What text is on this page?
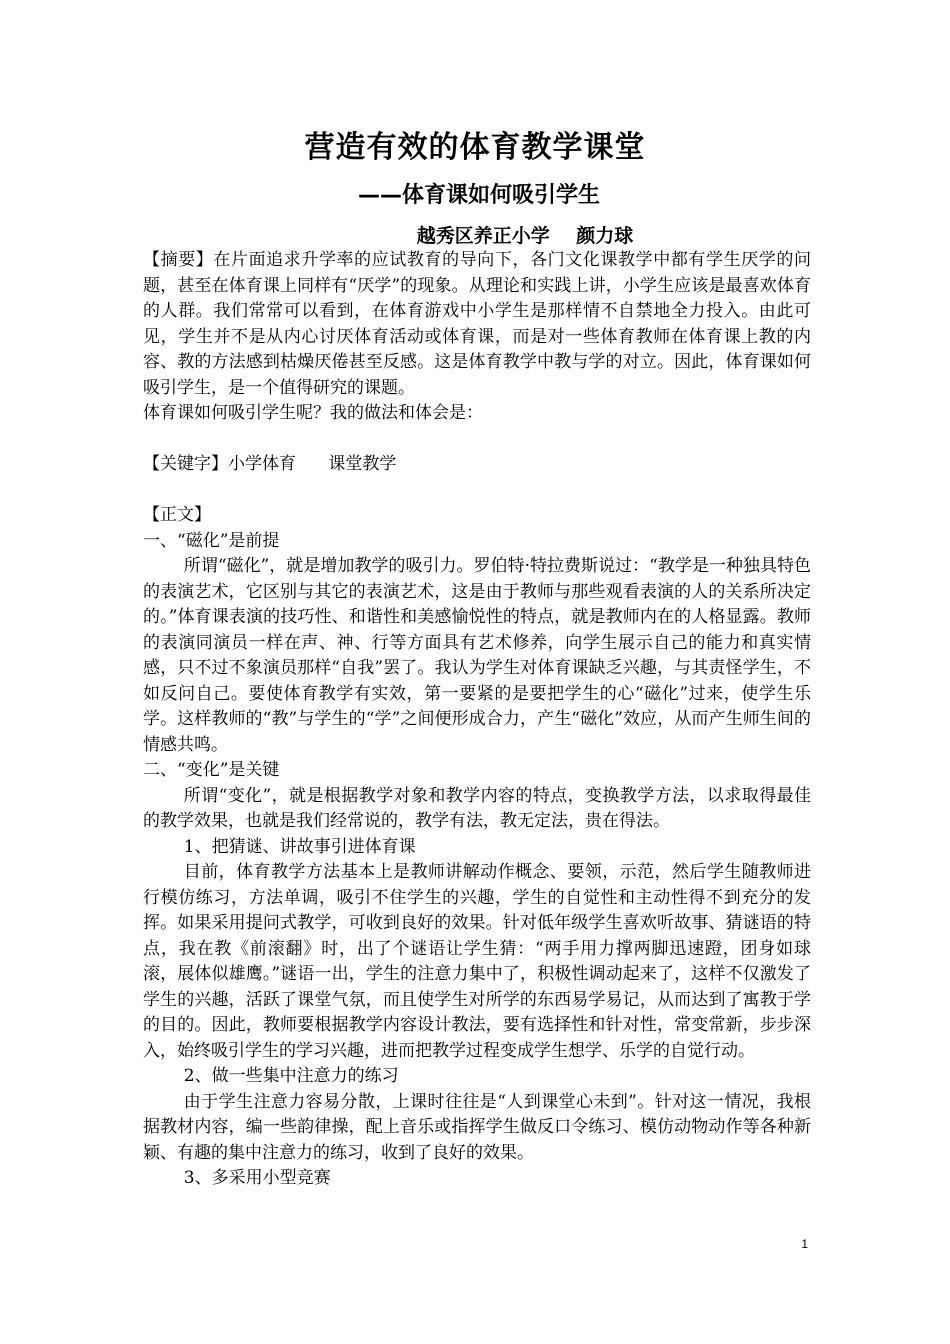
营造有效的体育教学课堂
——体育课如何吸引学生
越秀区养正小学    颜力球

【摘要】在片面追求升学率的应试教育的导向下，各门文化课教学中都有学生厌学的问题，甚至在体育课上同样有“厌学”的现象。从理论和实践上讲，小学生应该是最喜欢体育的人群。我们常常可以看到，在体育游戏中小学生是那样情不自禁地全力投入。由此可见，学生并不是从内心讨厌体育活动或体育课，而是对一些体育教师在体育课上教的内容、教的方法感到枯燥厌倦甚至反感。这是体育教学中教与学的对立。因此，体育课如何吸引学生，是一个值得研究的课题。

体育课如何吸引学生呢？我的做法和体会是：

【关键字】小学体育      课堂教学

【正文】

一、“磁化”是前提

所谓“磁化”，就是增加教学的吸引力。罗伯特·特拉费斯说过：“教学是一种独具特色的表演艺术，它区别与其它的表演艺术，这是由于教师与那些观看表演的人的关系所决定的。”体育课表演的技巧性、和谐性和美感愉悦性的特点，就是教师内在的人格显露。教师的表演同演员一样在声、神、行等方面具有艺术修养，向学生展示自己的能力和真实情感，只不过不象演员那样“自我”罢了。我认为学生对体育课缺乏兴趣，与其责怪学生，不如反问自己。要使体育教学有实效，第一要紧的是要把学生的心“磁化”过来，使学生乐学。这样教师的“教”与学生的“学”之间便形成合力，产生“磁化”效应，从而产生师生间的情感共鸣。

二、“变化”是关键

所谓“变化”，就是根据教学对象和教学内容的特点，变换教学方法，以求取得最佳的教学效果，也就是我们经常说的，教学有法，教无定法，贵在得法。

1、把猜谜、讲故事引进体育课

目前，体育教学方法基本上是教师讲解动作概念、要领，示范，然后学生随教师进行模仿练习，方法单调，吸引不住学生的兴趣，学生的自觉性和主动性得不到充分的发挥。如果采用提问式教学，可收到良好的效果。针对低年级学生喜欢听故事、猜谜语的特点，我在教《前滚翻》时，出了个谜语让学生猜：“两手用力撑两脚迅速蹬，团身如球滚，展体似雄鹰。”谜语一出，学生的注意力集中了，积极性调动起来了，这样不仅激发了学生的兴趣，活跃了课堂气氛，而且使学生对所学的东西易学易记，从而达到了寓教于学的目的。因此，教师要根据教学内容设计教法，要有选择性和针对性，常变常新，步步深入，始终吸引学生的学习兴趣，进而把教学过程变成学生想学、乐学的自觉行动。

2、做一些集中注意力的练习

由于学生注意力容易分散，上课时往往是“人到课堂心未到”。针对这一情况，我根据教材内容，编一些韵律操，配上音乐或指挥学生做反口令练习、模仿动物动作等各种新颖、有趣的集中注意力的练习，收到了良好的效果。

3、多采用小型竞赛

1
